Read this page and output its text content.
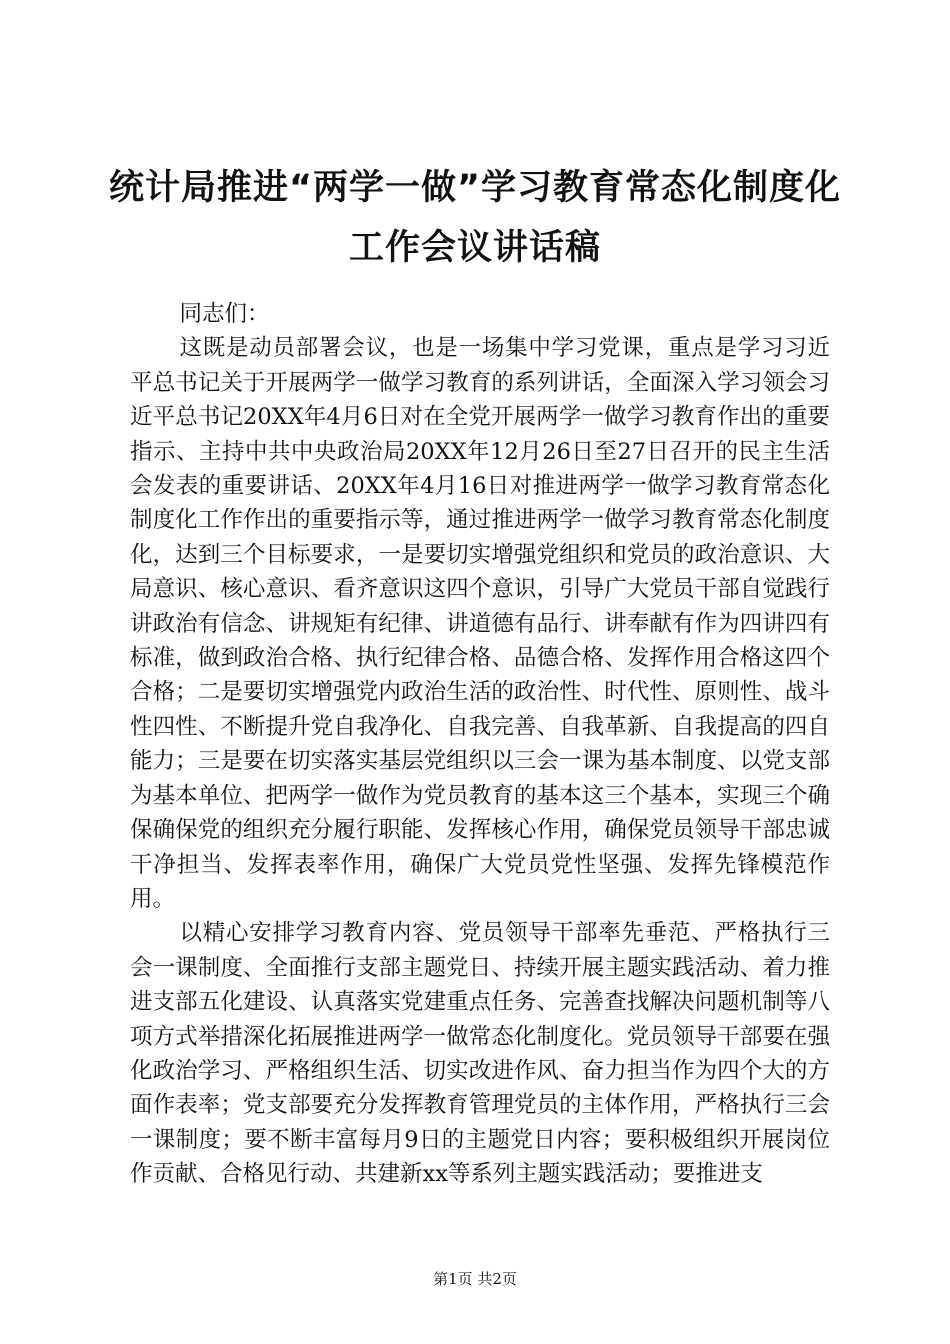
统计局推进“两学一做”学习教育常态化制度化工作会议讲话稿

同志们：

这既是动员部署会议，也是一场集中学习党课，重点是学习习近平总书记关于开展两学一做学习教育的系列讲话，全面深入学习领会习近平总书记20XX年4月6日对在全党开展两学一做学习教育作出的重要指示、主持中共中央政治局20XX年12月26日至27日召开的民主生活会发表的重要讲话、20XX年4月16日对推进两学一做学习教育常态化制度化工作作出的重要指示等，通过推进两学一做学习教育常态化制度化，达到三个目标要求，一是要切实增强党组织和党员的政治意识、大局意识、核心意识、看齐意识这四个意识，引导广大党员干部自觉践行讲政治有信念、讲规矩有纪律、讲道德有品行、讲奉献有作为四讲四有标准，做到政治合格、执行纪律合格、品德合格、发挥作用合格这四个合格；二是要切实增强党内政治生活的政治性、时代性、原则性、战斗性四性、不断提升党自我净化、自我完善、自我革新、自我提高的四自能力；三是要在切实落实基层党组织以三会一课为基本制度、以党支部为基本单位、把两学一做作为党员教育的基本这三个基本，实现三个确保确保党的组织充分履行职能、发挥核心作用，确保党员领导干部忠诚干净担当、发挥表率作用，确保广大党员党性坚强、发挥先锋模范作用。

以精心安排学习教育内容、党员领导干部率先垂范、严格执行三会一课制度、全面推行支部主题党日、持续开展主题实践活动、着力推进支部五化建设、认真落实党建重点任务、完善查找解决问题机制等八项方式举措深化拓展推进两学一做常态化制度化。党员领导干部要在强化政治学习、严格组织生活、切实改进作风、奋力担当作为四个大的方面作表率；党支部要充分发挥教育管理党员的主体作用，严格执行三会一课制度；要不断丰富每月9日的主题党日内容；要积极组织开展岗位作贡献、合格见行动、共建新xx等系列主题实践活动；要推进支

第1页 共2页
